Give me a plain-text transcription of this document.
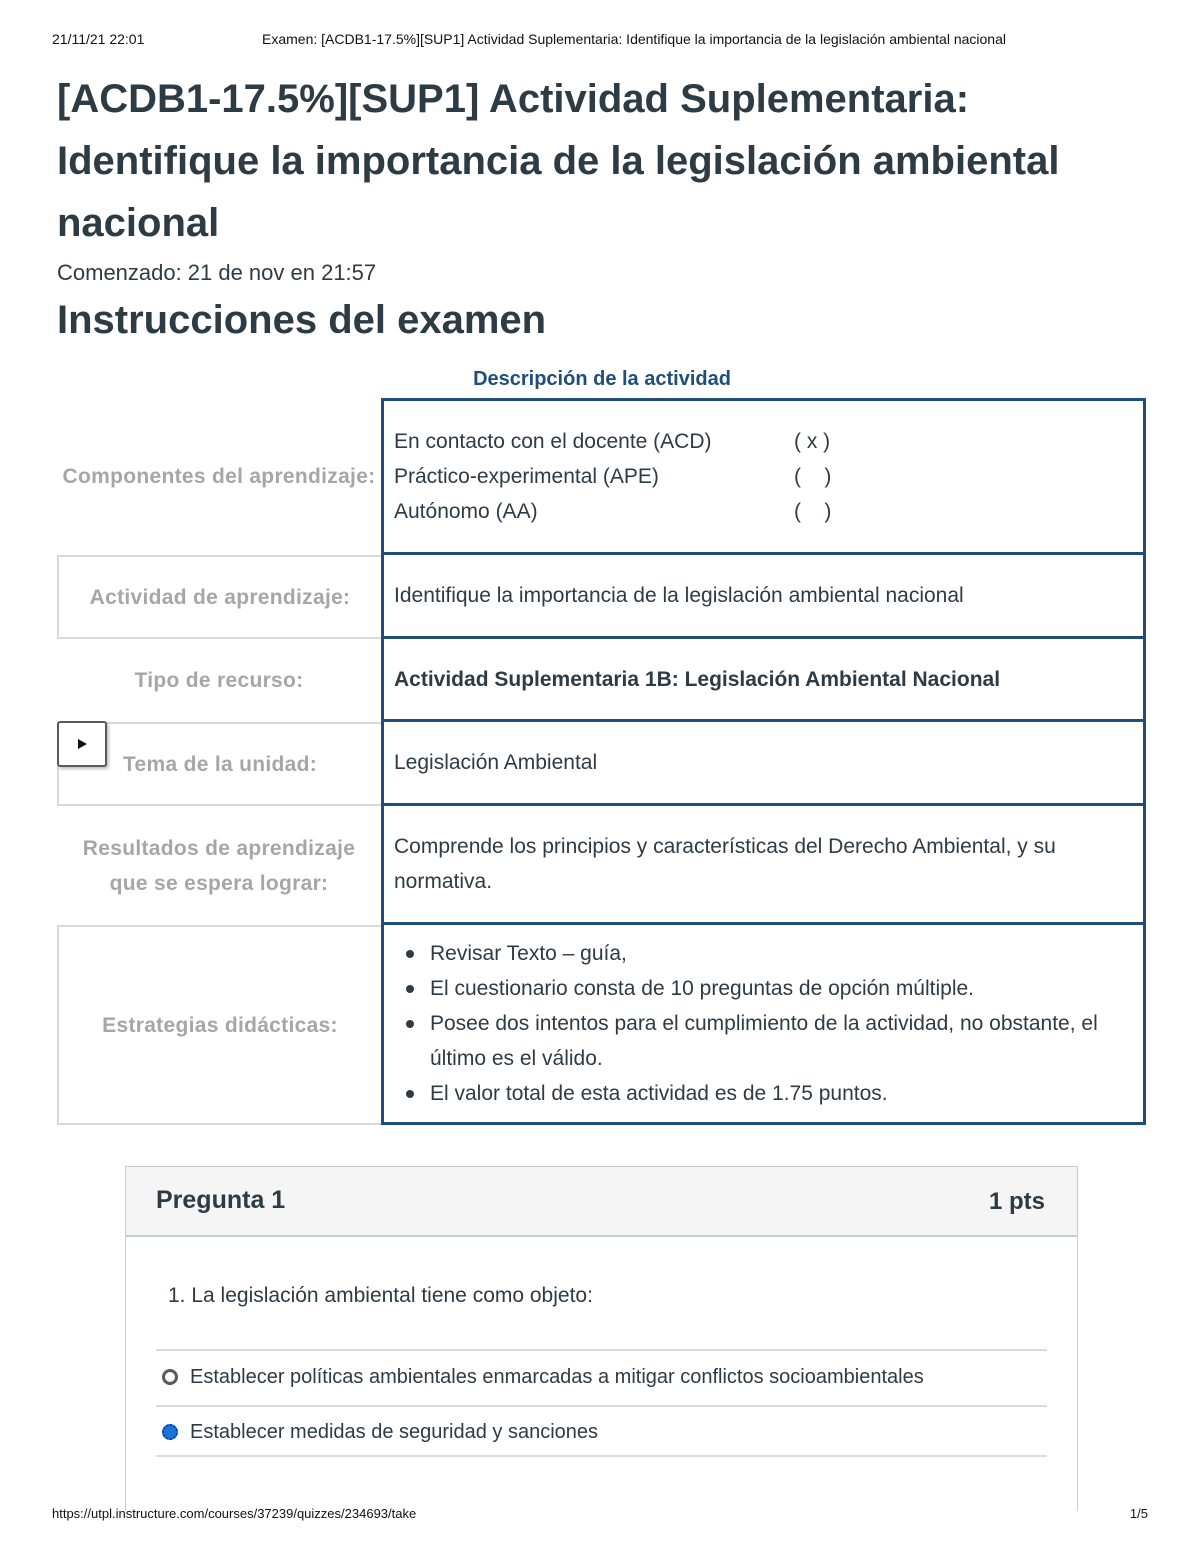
21/11/21 22:01	Examen: [ACDB1-17.5%][SUP1] Actividad Suplementaria: Identifique la importancia de la legislación ambiental nacional
[ACDB1-17.5%][SUP1] Actividad Suplementaria: Identifique la importancia de la legislación ambiental nacional
Comenzado: 21 de nov en 21:57
Instrucciones del examen
Descripción de la actividad
Componentes del aprendizaje:
En contacto con el docente (ACD)	( x )
Práctico-experimental (APE)	(    )
Autónomo (AA)	(    )
Actividad de aprendizaje:	Identifique la importancia de la legislación ambiental nacional
Tipo de recurso:	Actividad Suplementaria 1B: Legislación Ambiental Nacional
Tema de la unidad:	Legislación Ambiental
Resultados de aprendizaje que se espera lograr:
Comprende los principios y características del Derecho Ambiental, y su normativa.
Estrategias didácticas:
Revisar Texto – guía,
El cuestionario consta de 10 preguntas de opción múltiple.
Posee dos intentos para el cumplimiento de la actividad, no obstante, el último es el válido.
El valor total de esta actividad es de 1.75 puntos.
Pregunta 1	1 pts
1. La legislación ambiental tiene como objeto:
Establecer políticas ambientales enmarcadas a mitigar conflictos socioambientales
Establecer medidas de seguridad y sanciones
https://utpl.instructure.com/courses/37239/quizzes/234693/take	1/5
